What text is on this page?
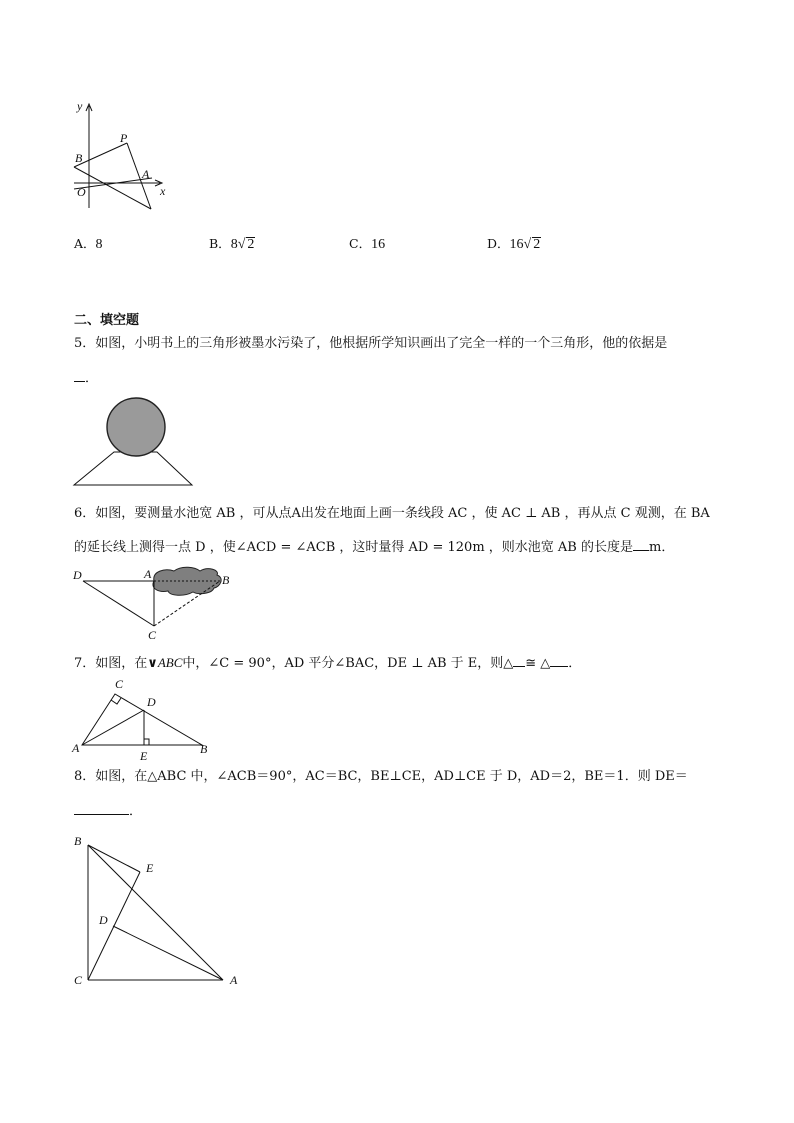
y
x
O
P
B
A
A．8	B．8√ 2	C．16	D．16√ 2
二、填空题
5．如图，小明书上的三角形被墨水污染了，他根据所学知识画出了完全一样的一个三角形，他的依据是
．
6．如图，要测量水池宽 AB ，可从点A出发在地面上画一条线段 AC ，使 AC ⊥ AB ，再从点 C 观测，在 BA
的延长线上测得一点 D ，使∠ACD = ∠ACB ，这时量得 AD = 120m ，则水池宽 AB 的长度是 m．
D	A	B
C
7．如图，在∨ABC中，∠C = 90°，AD 平分∠BAC，DE ⊥ AB 于 E，则△ ≅ △ ．
C
D
A
E	B
8．如图，在△ABC 中，∠ACB＝90°，AC＝BC，BE⊥CE，AD⊥CE 于 D，AD＝2，BE＝1．则 DE＝
．
B
E
D
C	A
